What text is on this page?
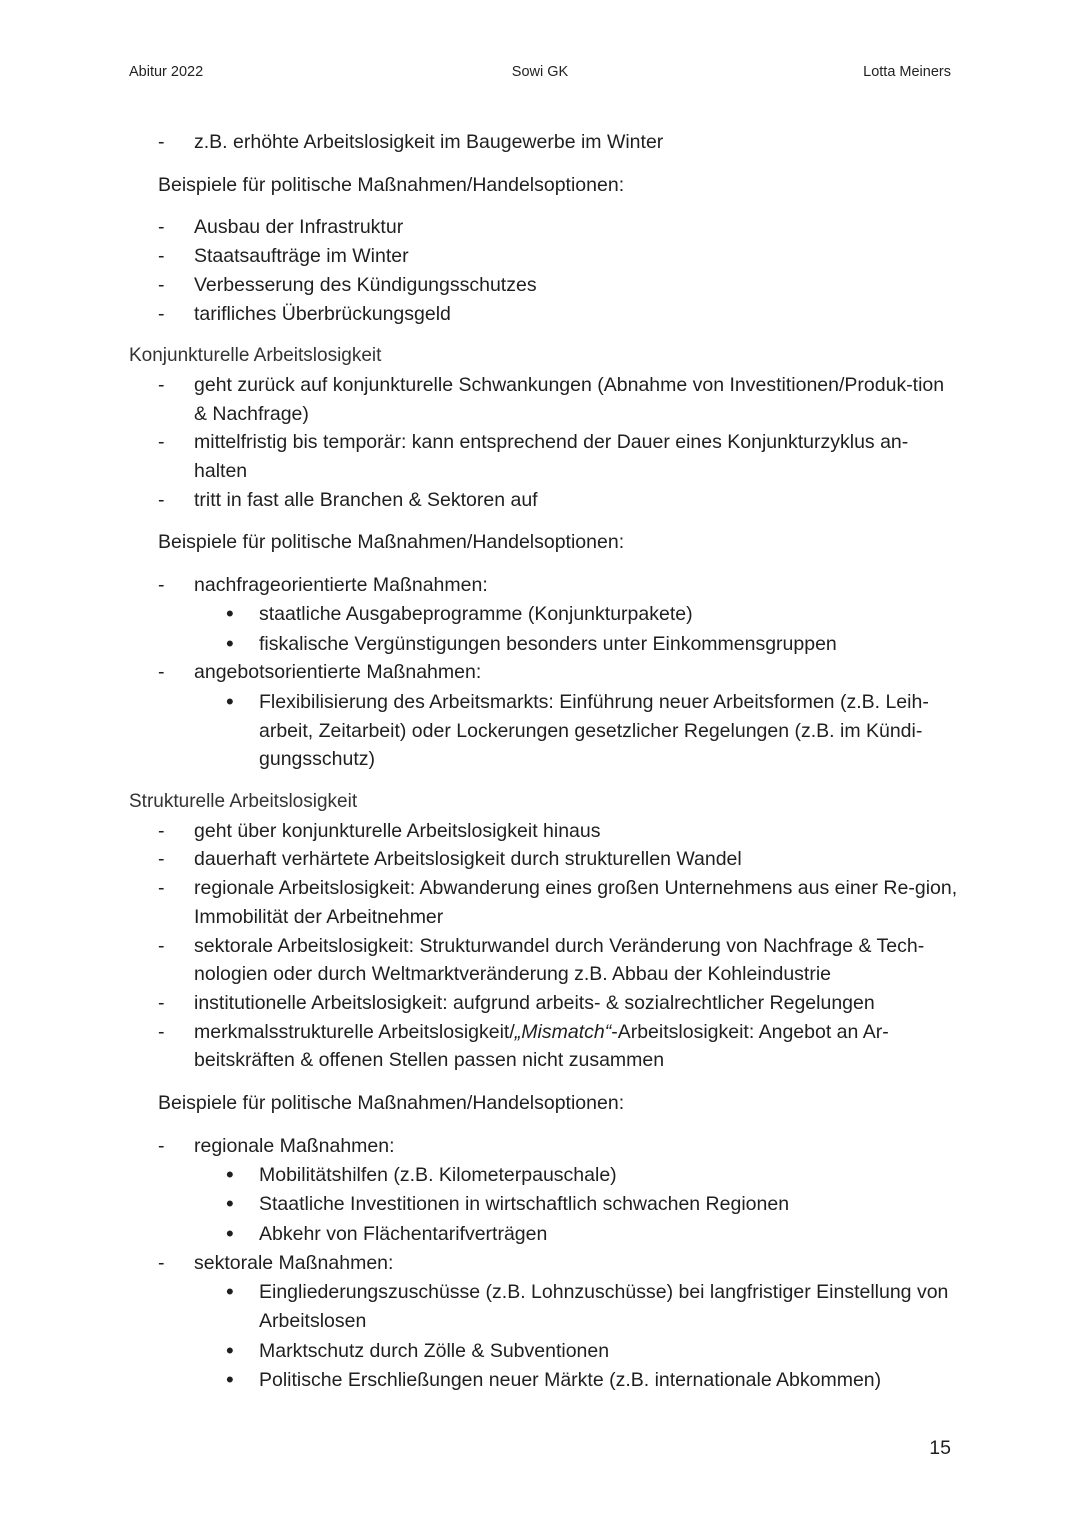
Abitur 2022	Sowi GK	Lotta Meiners
- z.B. erhöhte Arbeitslosigkeit im Baugewerbe im Winter
Beispiele für politische Maßnahmen/Handelsoptionen:
- Ausbau der Infrastruktur
- Staatsaufträge im Winter
- Verbesserung des Kündigungsschutzes
- tarifliches Überbrückungsgeld
Konjunkturelle Arbeitslosigkeit
- geht zurück auf konjunkturelle Schwankungen (Abnahme von Investitionen/Produk-tion & Nachfrage)
- mittelfristig bis temporär: kann entsprechend der Dauer eines Konjunkturzyklus an-halten
- tritt in fast alle Branchen & Sektoren auf
Beispiele für politische Maßnahmen/Handelsoptionen:
- nachfrageorientierte Maßnahmen:
• staatliche Ausgabeprogramme (Konjunkturpakete)
• fiskalische Vergünstigungen besonders unter Einkommensgruppen
- angebotsorientierte Maßnahmen:
• Flexibilisierung des Arbeitsmarkts: Einführung neuer Arbeitsformen (z.B. Leih-arbeit, Zeitarbeit) oder Lockerungen gesetzlicher Regelungen (z.B. im Kündi-gungsschutz)
Strukturelle Arbeitslosigkeit
- geht über konjunkturelle Arbeitslosigkeit hinaus
- dauerhaft verhärtete Arbeitslosigkeit durch strukturellen Wandel
- regionale Arbeitslosigkeit: Abwanderung eines großen Unternehmens aus einer Re-gion, Immobilität der Arbeitnehmer
- sektorale Arbeitslosigkeit: Strukturwandel durch Veränderung von Nachfrage & Tech-nologien oder durch Weltmarktveränderung z.B. Abbau der Kohleindustrie
- institutionelle Arbeitslosigkeit: aufgrund arbeits- & sozialrechtlicher Regelungen
- merkmalsstrukturelle Arbeitslosigkeit/„Mismatch“-Arbeitslosigkeit: Angebot an Ar-beitskräften & offenen Stellen passen nicht zusammen
Beispiele für politische Maßnahmen/Handelsoptionen:
- regionale Maßnahmen:
• Mobilitätshilfen (z.B. Kilometerpauschale)
• Staatliche Investitionen in wirtschaftlich schwachen Regionen
• Abkehr von Flächentarifverträgen
- sektorale Maßnahmen:
• Eingliederungszuschüsse (z.B. Lohnzuschüsse) bei langfristiger Einstellung von Arbeitslosen
• Marktschutz durch Zölle & Subventionen
• Politische Erschließungen neuer Märkte (z.B. internationale Abkommen)
15
